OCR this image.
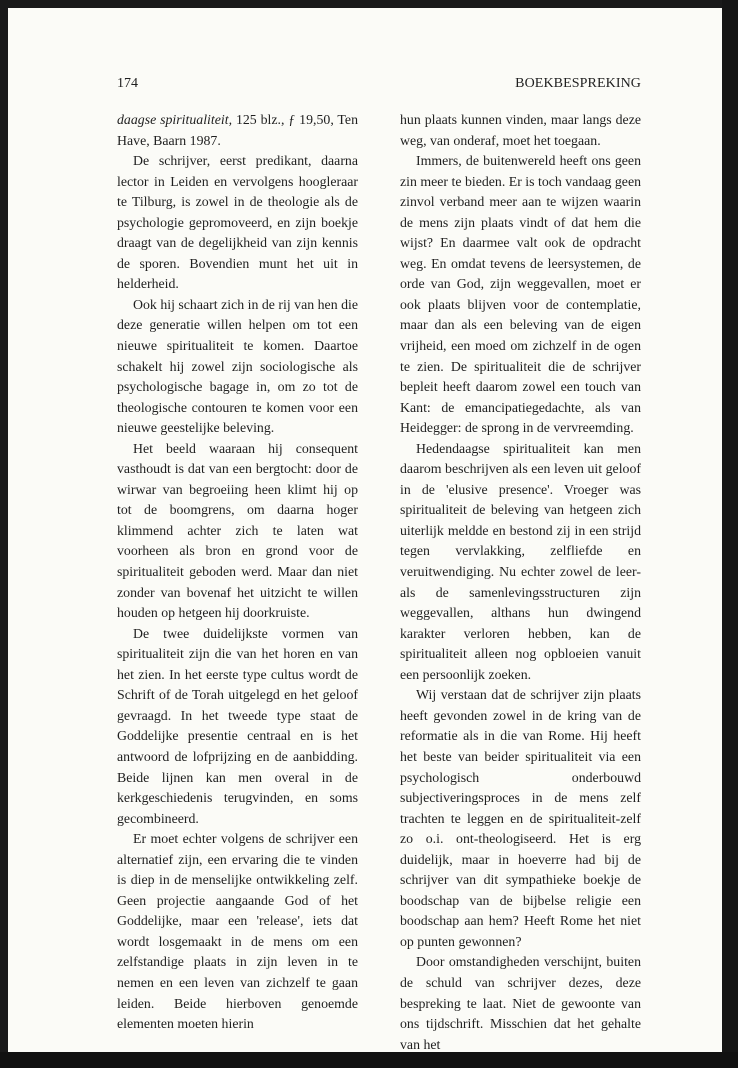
174	BOEKBESPREKING

daagse spiritualiteit, 125 blz., ƒ 19,50, Ten Have, Baarn 1987.

De schrijver, eerst predikant, daarna lector in Leiden en vervolgens hoogleraar te Tilburg, is zowel in de theologie als de psychologie gepromoveerd, en zijn boekje draagt van de degelijkheid van zijn kennis de sporen. Bovendien munt het uit in helderheid.

Ook hij schaart zich in de rij van hen die deze generatie willen helpen om tot een nieuwe spiritualiteit te komen. Daartoe schakelt hij zowel zijn sociologische als psychologische bagage in, om zo tot de theologische contouren te komen voor een nieuwe geestelijke beleving.

Het beeld waaraan hij consequent vasthoudt is dat van een bergtocht: door de wirwar van begroeiing heen klimt hij op tot de boomgrens, om daarna hoger klimmend achter zich te laten wat voorheen als bron en grond voor de spiritualiteit geboden werd. Maar dan niet zonder van bovenaf het uitzicht te willen houden op hetgeen hij doorkruiste.

De twee duidelijkste vormen van spiritualiteit zijn die van het horen en van het zien. In het eerste type cultus wordt de Schrift of de Torah uitgelegd en het geloof gevraagd. In het tweede type staat de Goddelijke presentie centraal en is het antwoord de lofprijzing en de aanbidding. Beide lijnen kan men overal in de kerkgeschiedenis terugvinden, en soms gecombineerd.

Er moet echter volgens de schrijver een alternatief zijn, een ervaring die te vinden is diep in de menselijke ontwikkeling zelf. Geen projectie aangaande God of het Goddelijke, maar een 'release', iets dat wordt losgemaakt in de mens om een zelfstandige plaats in zijn leven in te nemen en een leven van zichzelf te gaan leiden. Beide hierboven genoemde elementen moeten hierin

hun plaats kunnen vinden, maar langs deze weg, van onderaf, moet het toegaan.

Immers, de buitenwereld heeft ons geen zin meer te bieden. Er is toch vandaag geen zinvol verband meer aan te wijzen waarin de mens zijn plaats vindt of dat hem die wijst? En daarmee valt ook de opdracht weg. En omdat tevens de leersystemen, de orde van God, zijn weggevallen, moet er ook plaats blijven voor de contemplatie, maar dan als een beleving van de eigen vrijheid, een moed om zichzelf in de ogen te zien. De spiritualiteit die de schrijver bepleit heeft daarom zowel een touch van Kant: de emancipatiegedachte, als van Heidegger: de sprong in de vervreemding.

Hedendaagse spiritualiteit kan men daarom beschrijven als een leven uit geloof in de 'elusive presence'. Vroeger was spiritualiteit de beleving van hetgeen zich uiterlijk meldde en bestond zij in een strijd tegen vervlakking, zelfliefde en veruitwendiging. Nu echter zowel de leer- als de samenlevingsstructuren zijn weggevallen, althans hun dwingend karakter verloren hebben, kan de spiritualiteit alleen nog opbloeien vanuit een persoonlijk zoeken.

Wij verstaan dat de schrijver zijn plaats heeft gevonden zowel in de kring van de reformatie als in die van Rome. Hij heeft het beste van beider spiritualiteit via een psychologisch onderbouwd subjectiveringsproces in de mens zelf trachten te leggen en de spiritualiteit-zelf zo o.i. ont-theologiseerd. Het is erg duidelijk, maar in hoeverre had bij de schrijver van dit sympathieke boekje de boodschap van de bijbelse religie een boodschap aan hem? Heeft Rome het niet op punten gewonnen?

Door omstandigheden verschijnt, buiten de schuld van schrijver dezes, deze bespreking te laat. Niet de gewoonte van ons tijdschrift. Misschien dat het gehalte van het
